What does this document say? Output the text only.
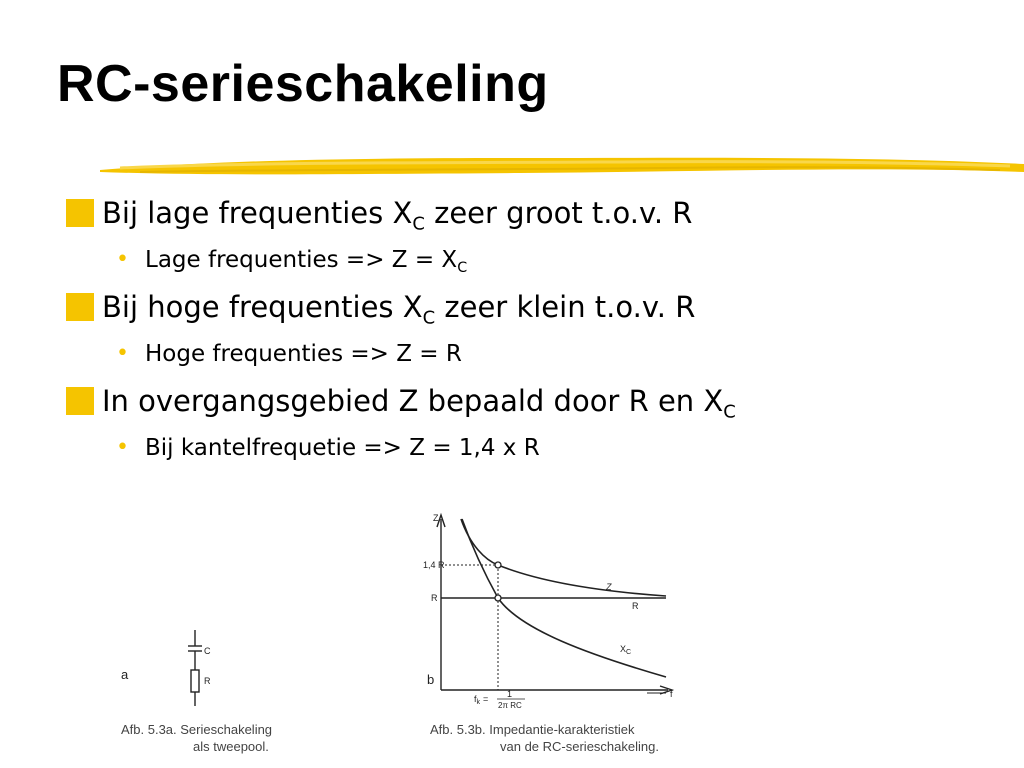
RC-serieschakeling

Bij lage frequenties $X_C$ zeer groot t.o.v. R

• Lage frequenties => $Z = X_C$

Bij hoge frequenties $X_C$ zeer klein t.o.v. R

• Hoge frequenties => Z = R

In overgangsgebied Z bepaald door R en $X_C$

• Bij kantelfrequetie => Z = 1,4 x R

C
R
a
Afb. 5.3a. Serieschakeling
als tweepool.
Z
f
1,4 R
R
Z
R
$X_C$
$f_k = 1$
2π RC
b
Afb. 5.3b. Impedantie-karakteristiek
van de RC-serieschakeling.
